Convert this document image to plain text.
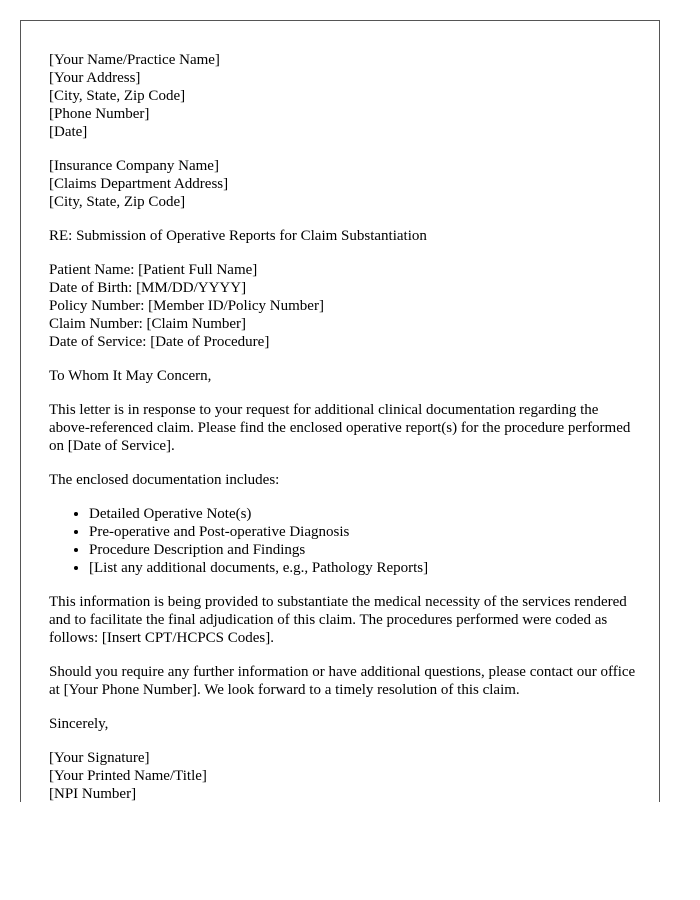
[Your Name/Practice Name]
[Your Address]
[City, State, Zip Code]
[Phone Number]
[Date]
[Insurance Company Name]
[Claims Department Address]
[City, State, Zip Code]
RE: Submission of Operative Reports for Claim Substantiation
Patient Name: [Patient Full Name]
Date of Birth: [MM/DD/YYYY]
Policy Number: [Member ID/Policy Number]
Claim Number: [Claim Number]
Date of Service: [Date of Procedure]

To Whom It May Concern,

This letter is in response to your request for additional clinical documentation regarding the above-referenced claim. Please find the enclosed operative report(s) for the procedure performed on [Date of Service].

The enclosed documentation includes:

• Detailed Operative Note(s)
• Pre-operative and Post-operative Diagnosis
• Procedure Description and Findings
• [List any additional documents, e.g., Pathology Reports]

This information is being provided to substantiate the medical necessity of the services rendered and to facilitate the final adjudication of this claim. The procedures performed were coded as follows: [Insert CPT/HCPCS Codes].

Should you require any further information or have additional questions, please contact our office at [Your Phone Number]. We look forward to a timely resolution of this claim.

Sincerely,

[Your Signature]
[Your Printed Name/Title]
[NPI Number]
